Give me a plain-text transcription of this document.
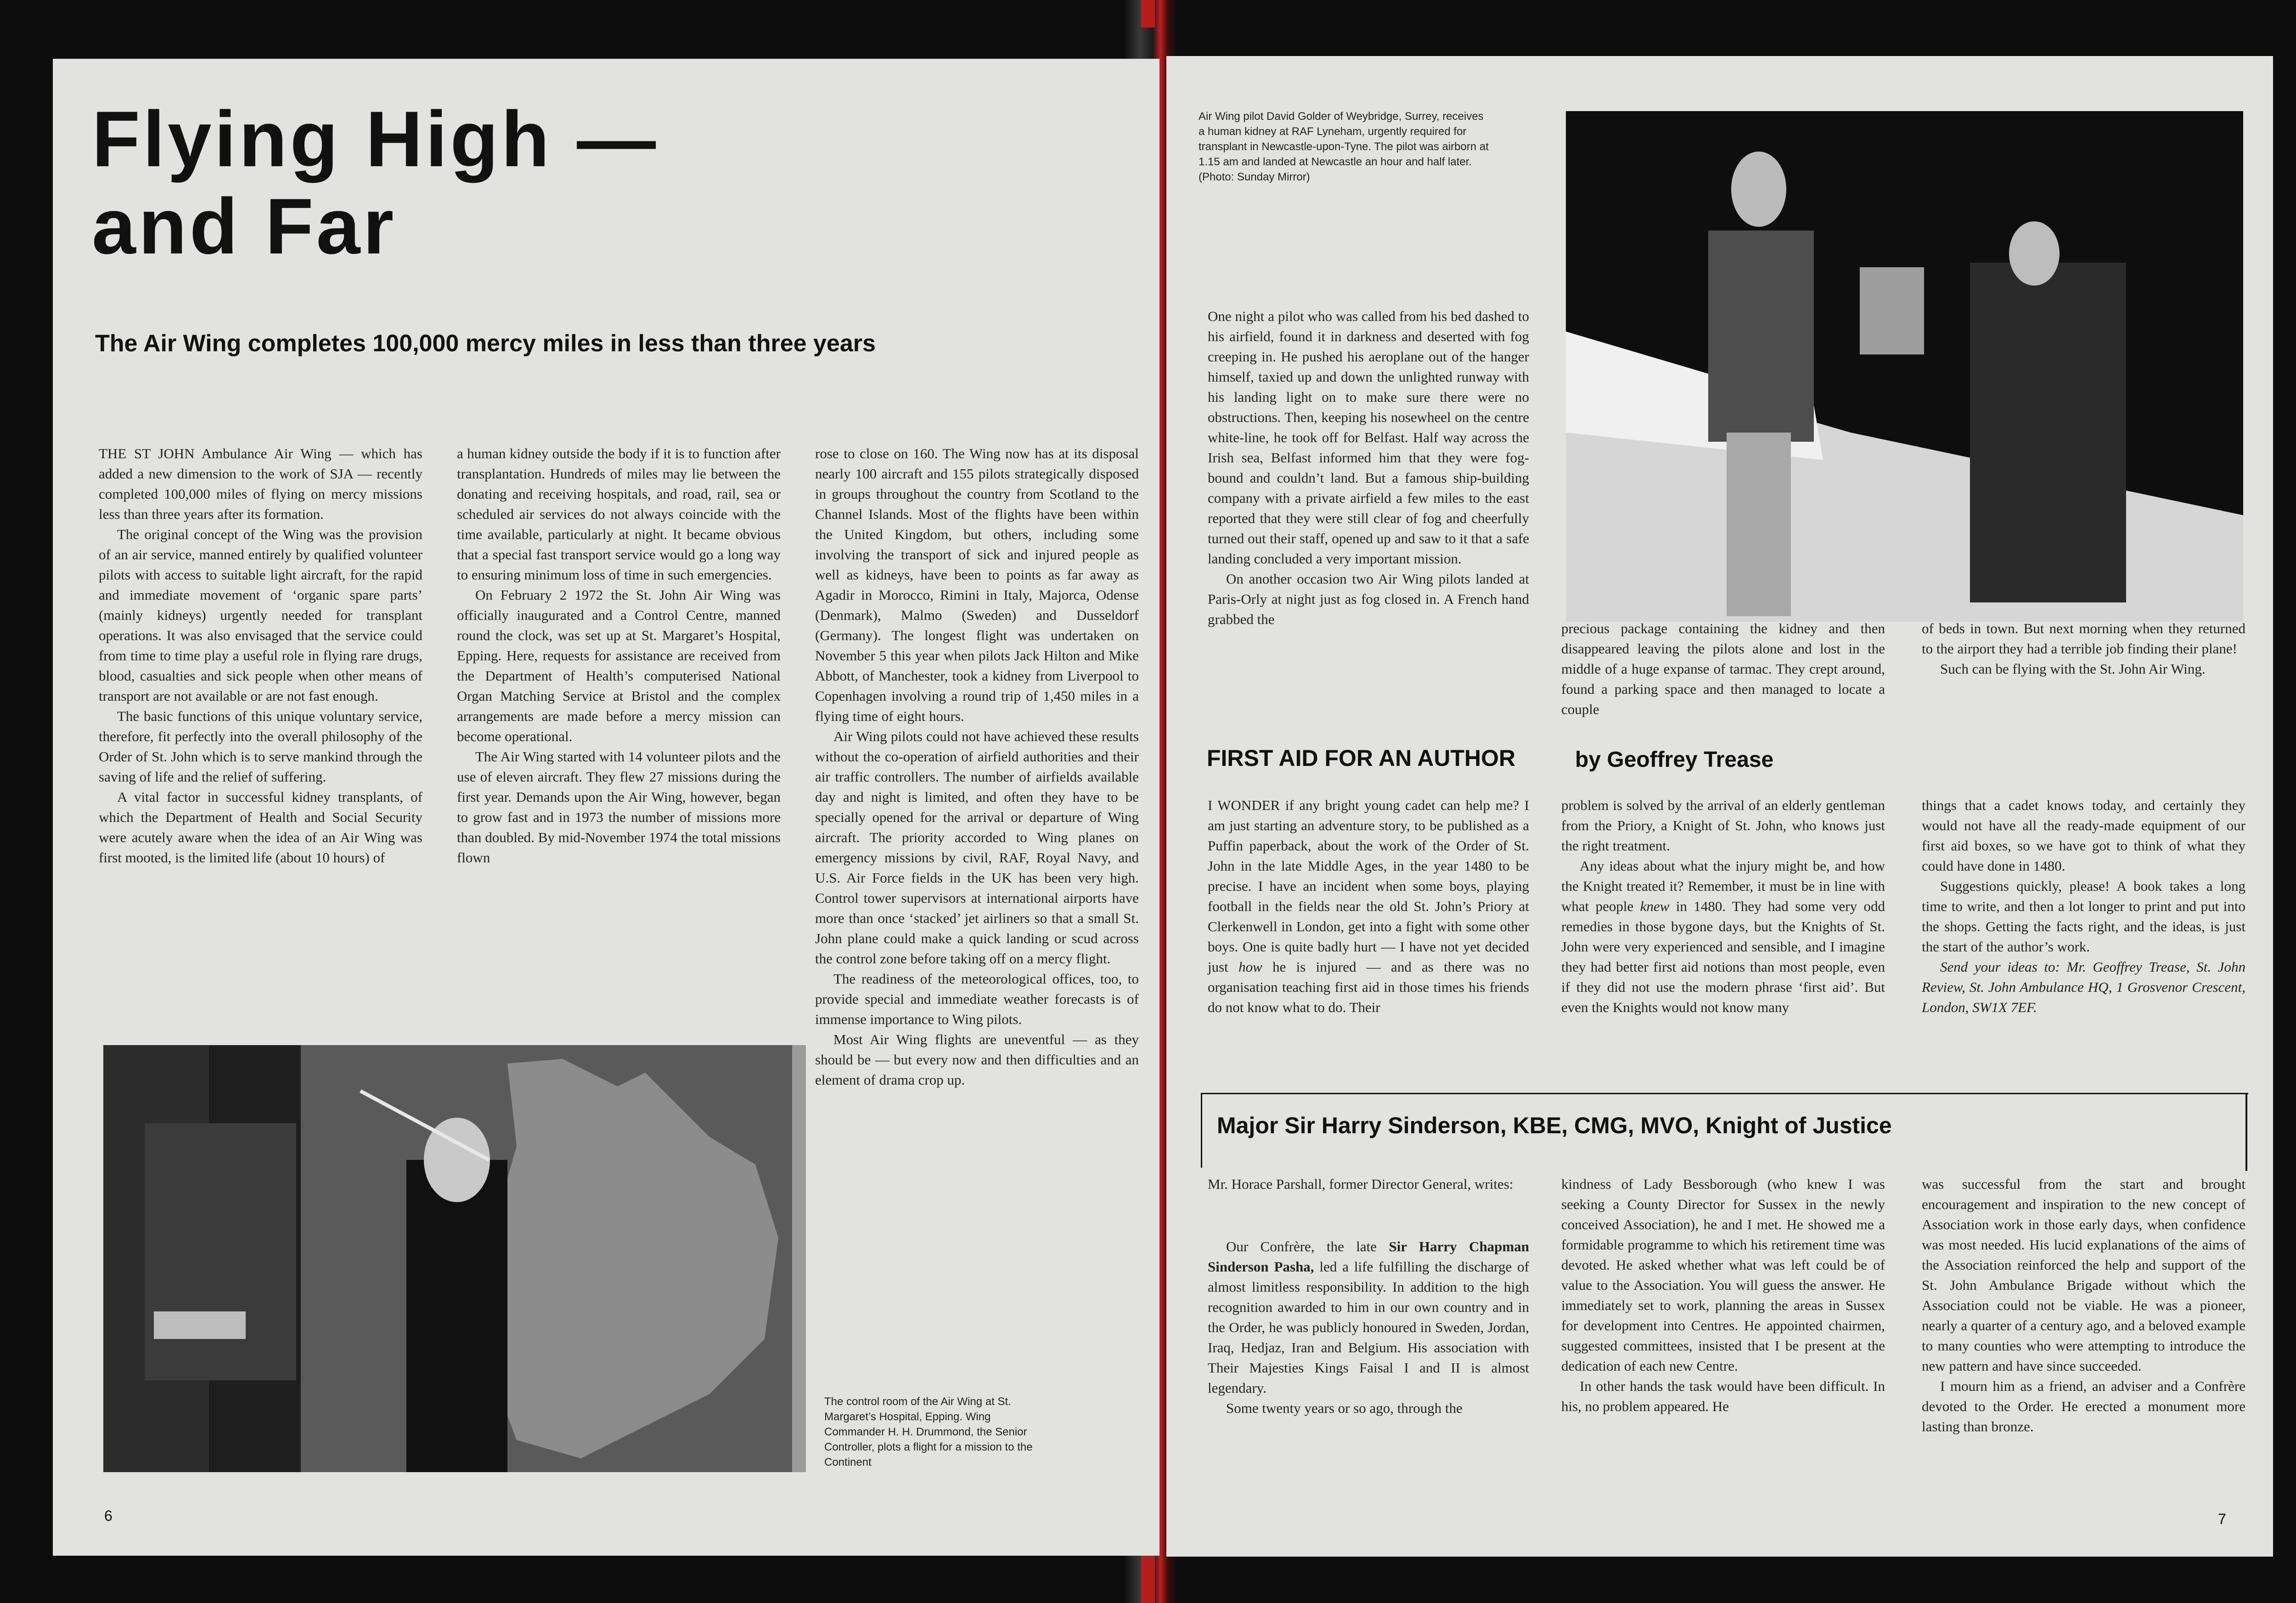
Flying High —
and Far
The Air Wing completes 100,000 mercy miles in less than three years

THE ST JOHN Ambulance Air Wing — which has added a new dimension to the work of SJA — recently completed 100,000 miles of flying on mercy missions less than three years after its formation.

The original concept of the Wing was the provision of an air service, manned entirely by qualified volunteer pilots with access to suitable light aircraft, for the rapid and immediate movement of ‘organic spare parts’ (mainly kidneys) urgently needed for transplant operations. It was also envisaged that the service could from time to time play a useful role in flying rare drugs, blood, casualties and sick people when other means of transport are not available or are not fast enough.

The basic functions of this unique voluntary service, therefore, fit perfectly into the overall philosophy of the Order of St. John which is to serve mankind through the saving of life and the relief of suffering.

A vital factor in successful kidney transplants, of which the Department of Health and Social Security were acutely aware when the idea of an Air Wing was first mooted, is the limited life (about 10 hours) of

a human kidney outside the body if it is to function after transplantation. Hundreds of miles may lie between the donating and receiving hospitals, and road, rail, sea or scheduled air services do not always coincide with the time available, particularly at night. It became obvious that a special fast transport service would go a long way to ensuring minimum loss of time in such emergencies.

On February 2 1972 the St. John Air Wing was officially inaugurated and a Control Centre, manned round the clock, was set up at St. Margaret’s Hospital, Epping. Here, requests for assistance are received from the Department of Health’s computerised National Organ Matching Service at Bristol and the complex arrangements are made before a mercy mission can become operational.

The Air Wing started with 14 volunteer pilots and the use of eleven aircraft. They flew 27 missions during the first year. Demands upon the Air Wing, however, began to grow fast and in 1973 the number of missions more than doubled. By mid-November 1974 the total missions flown

rose to close on 160. The Wing now has at its disposal nearly 100 aircraft and 155 pilots strategically disposed in groups throughout the country from Scotland to the Channel Islands. Most of the flights have been within the United Kingdom, but others, including some involving the transport of sick and injured people as well as kidneys, have been to points as far away as Agadir in Morocco, Rimini in Italy, Majorca, Odense (Denmark), Malmo (Sweden) and Dusseldorf (Germany). The longest flight was undertaken on November 5 this year when pilots Jack Hilton and Mike Abbott, of Manchester, took a kidney from Liverpool to Copenhagen involving a round trip of 1,450 miles in a flying time of eight hours.

Air Wing pilots could not have achieved these results without the co-operation of airfield authorities and their air traffic controllers. The number of airfields available day and night is limited, and often they have to be specially opened for the arrival or departure of Wing aircraft. The priority accorded to Wing planes on emergency missions by civil, RAF, Royal Navy, and U.S. Air Force fields in the UK has been very high. Control tower supervisors at international airports have more than once ‘stacked’ jet airliners so that a small St. John plane could make a quick landing or scud across the control zone before taking off on a mercy flight.

The readiness of the meteorological offices, too, to provide special and immediate weather forecasts is of immense importance to Wing pilots.

Most Air Wing flights are uneventful — as they should be — but every now and then difficulties and an element of drama crop up.

The control room of the Air Wing at St. Margaret’s Hospital, Epping. Wing Commander H. H. Drummond, the Senior Controller, plots a flight for a mission to the Continent
6
Air Wing pilot David Golder of Weybridge, Surrey, receives a human kidney at RAF Lyneham, urgently required for transplant in Newcastle-upon-Tyne. The pilot was airborn at 1.15 am and landed at Newcastle an hour and half later. (Photo: Sunday Mirror)

One night a pilot who was called from his bed dashed to his airfield, found it in darkness and deserted with fog creeping in. He pushed his aeroplane out of the hanger himself, taxied up and down the unlighted runway with his landing light on to make sure there were no obstructions. Then, keeping his nosewheel on the centre white-line, he took off for Belfast. Half way across the Irish sea, Belfast informed him that they were fog-bound and couldn’t land. But a famous ship-building company with a private airfield a few miles to the east reported that they were still clear of fog and cheerfully turned out their staff, opened up and saw to it that a safe landing concluded a very important mission.

On another occasion two Air Wing pilots landed at Paris-Orly at night just as fog closed in. A French hand grabbed the

precious package containing the kidney and then disappeared leaving the pilots alone and lost in the middle of a huge expanse of tarmac. They crept around, found a parking space and then managed to locate a couple

of beds in town. But next morning when they returned to the airport they had a terrible job finding their plane!

Such can be flying with the St. John Air Wing.

FIRST AID FOR AN AUTHOR	by Geoffrey Trease

I WONDER if any bright young cadet can help me? I am just starting an adventure story, to be published as a Puffin paperback, about the work of the Order of St. John in the late Middle Ages, in the year 1480 to be precise. I have an incident when some boys, playing football in the fields near the old St. John’s Priory at Clerkenwell in London, get into a fight with some other boys. One is quite badly hurt — I have not yet decided just how he is injured — and as there was no organisation teaching first aid in those times his friends do not know what to do. Their

problem is solved by the arrival of an elderly gentleman from the Priory, a Knight of St. John, who knows just the right treatment.

Any ideas about what the injury might be, and how the Knight treated it? Remember, it must be in line with what people knew in 1480. They had some very odd remedies in those bygone days, but the Knights of St. John were very experienced and sensible, and I imagine they had better first aid notions than most people, even if they did not use the modern phrase ‘first aid’. But even the Knights would not know many

things that a cadet knows today, and certainly they would not have all the ready-made equipment of our first aid boxes, so we have got to think of what they could have done in 1480.

Suggestions quickly, please! A book takes a long time to write, and then a lot longer to print and put into the shops. Getting the facts right, and the ideas, is just the start of the author’s work.

Send your ideas to: Mr. Geoffrey Trease, St. John Review, St. John Ambulance HQ, 1 Grosvenor Crescent, London, SW1X 7EF.

Major Sir Harry Sinderson, KBE, CMG, MVO, Knight of Justice

Mr. Horace Parshall, former Director General, writes:

Our Confrère, the late Sir Harry Chapman Sinderson Pasha, led a life fulfilling the discharge of almost limitless responsibility. In addition to the high recognition awarded to him in our own country and in the Order, he was publicly honoured in Sweden, Jordan, Iraq, Hedjaz, Iran and Belgium. His association with Their Majesties Kings Faisal I and II is almost legendary.

Some twenty years or so ago, through the

kindness of Lady Bessborough (who knew I was seeking a County Director for Sussex in the newly conceived Association), he and I met. He showed me a formidable programme to which his retirement time was devoted. He asked whether what was left could be of value to the Association. You will guess the answer. He immediately set to work, planning the areas in Sussex for development into Centres. He appointed chairmen, suggested committees, insisted that I be present at the dedication of each new Centre.

In other hands the task would have been difficult. In his, no problem appeared. He

was successful from the start and brought encouragement and inspiration to the new concept of Association work in those early days, when confidence was most needed. His lucid explanations of the aims of the Association reinforced the help and support of the St. John Ambulance Brigade without which the Association could not be viable. He was a pioneer, nearly a quarter of a century ago, and a beloved example to many counties who were attempting to introduce the new pattern and have since succeeded.

I mourn him as a friend, an adviser and a Confrère devoted to the Order. He erected a monument more lasting than bronze.

7
